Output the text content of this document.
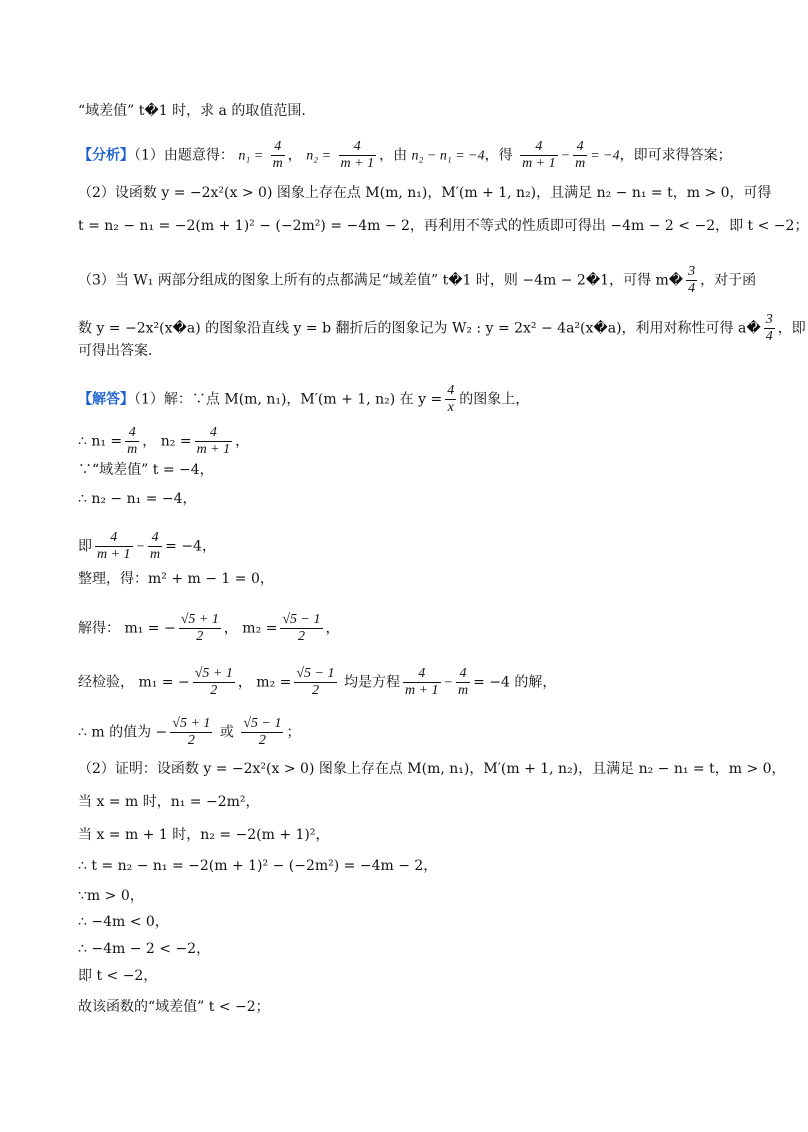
“域差值” t�1 时，求 a 的取值范围.
【分析】（1）由题意得： $n_1 = \frac{4}{m}$ ， $n_2 = \frac{4}{m + 1}$ ，由 n₂ − n₁ = −4，得 $\frac{4}{m + 1} - \frac{4}{m} = -4$，即可求得答案；
（2）设函数 y = −2x²(x > 0) 图象上存在点 M(m, n₁)，M′(m + 1, n₂)，且满足 n₂ − n₁ = t，m > 0，可得
t = n₂ − n₁ = −2(m + 1)² − (−2m²) = −4m − 2，再利用不等式的性质即可得出 −4m − 2 < −2，即 t < −2；
（3）当 W₁ 两部分组成的图象上所有的点都满足“域差值” t�1 时，则 −4m − 2�1，可得 m� $\frac{3}{4}$ ，对于函
数 y = −2x²(x�a) 的图象沿直线 y = b 翻折后的图象记为 W₂ : y = 2x² − 4a²(x�a)，利用对称性可得 a� $\frac{3}{4}$ ，即
可得出答案．
【解答】（1）解：∵点 M(m, n₁)，M′(m + 1, n₂) 在 $y = \frac{4}{x}$ 的图象上，
∴ $n_1 = \frac{4}{m}$ ， $n_2 = \frac{4}{m + 1}$ ，
∵“域差值” t = −4，
∴ n₂ − n₁ = −4，
即 $\frac{4}{m + 1} - \frac{4}{m} = -4$，
整理，得：m² + m − 1 = 0，
解得： m₁ = − $\frac{√5 + 1}{2}$ ， $m_2 = \frac{√5 - 1}{2}$ ，
经检验， m₁ = − $\frac{√5 + 1}{2}$ ， $m_2 = \frac{√5 - 1}{2}$ 均是方程 $\frac{4}{m + 1} - \frac{4}{m} = -4$ 的解，
∴ m 的值为 − $\frac{√5 + 1}{2}$ 或 $\frac{√5 - 1}{2}$ ；
（2）证明：设函数 y = −2x²(x > 0) 图象上存在点 M(m, n₁)，M′(m + 1, n₂)，且满足 n₂ − n₁ = t，m > 0，
当 x = m 时，n₁ = −2m²，
当 x = m + 1 时，n₂ = −2(m + 1)²，
∴ t = n₂ − n₁ = −2(m + 1)² − (−2m²) = −4m − 2，
∵m > 0，
∴ −4m < 0，
∴ −4m − 2 < −2，
即 t < −2，
故该函数的“域差值” t < −2；
